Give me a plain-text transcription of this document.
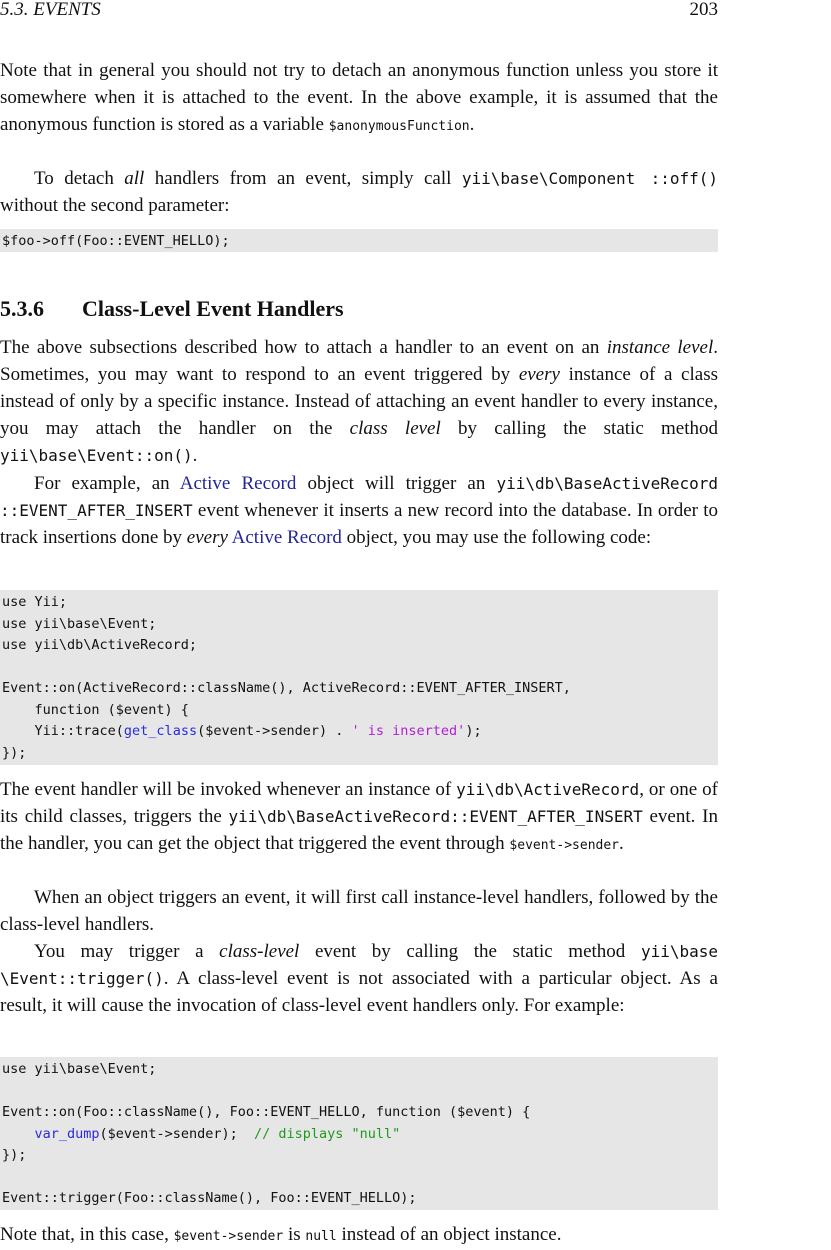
5.3. EVENTS	203

Note that in general you should not try to detach an anonymous function unless you store it somewhere when it is attached to the event. In the above example, it is assumed that the anonymous function is stored as a variable $anonymousFunction.

To detach all handlers from an event, simply call yii\base\Component ::off() without the second parameter:

$foo->off(Foo::EVENT_HELLO);
5.3.6 Class-Level Event Handlers

The above subsections described how to attach a handler to an event on an instance level. Sometimes, you may want to respond to an event triggered by every instance of a class instead of only by a specific instance. Instead of attaching an event handler to every instance, you may attach the handler on the class level by calling the static method yii\base\Event::on().

For example, an Active Record object will trigger an yii\db\BaseActiveRecord ::EVENT_AFTER_INSERT event whenever it inserts a new record into the database. In order to track insertions done by every Active Record object, you may use the following code:

use Yii;
use yii\base\Event;
use yii\db\ActiveRecord;
Event::on(ActiveRecord::className(), ActiveRecord::EVENT_AFTER_INSERT,
function ($event) {
Yii::trace(get_class($event->sender) . ' is inserted');
});

The event handler will be invoked whenever an instance of yii\db\ActiveRecord, or one of its child classes, triggers the yii\db\BaseActiveRecord::EVENT_AFTER_INSERT event. In the handler, you can get the object that triggered the event through $event->sender.

When an object triggers an event, it will first call instance-level handlers, followed by the class-level handlers.

You may trigger a class-level event by calling the static method yii\base \Event::trigger(). A class-level event is not associated with a particular object. As a result, it will cause the invocation of class-level event handlers only. For example:

use yii\base\Event;
Event::on(Foo::className(), Foo::EVENT_HELLO, function ($event) {
var_dump($event->sender);  // displays "null"
});
Event::trigger(Foo::className(), Foo::EVENT_HELLO);

Note that, in this case, $event->sender is null instead of an object instance.
